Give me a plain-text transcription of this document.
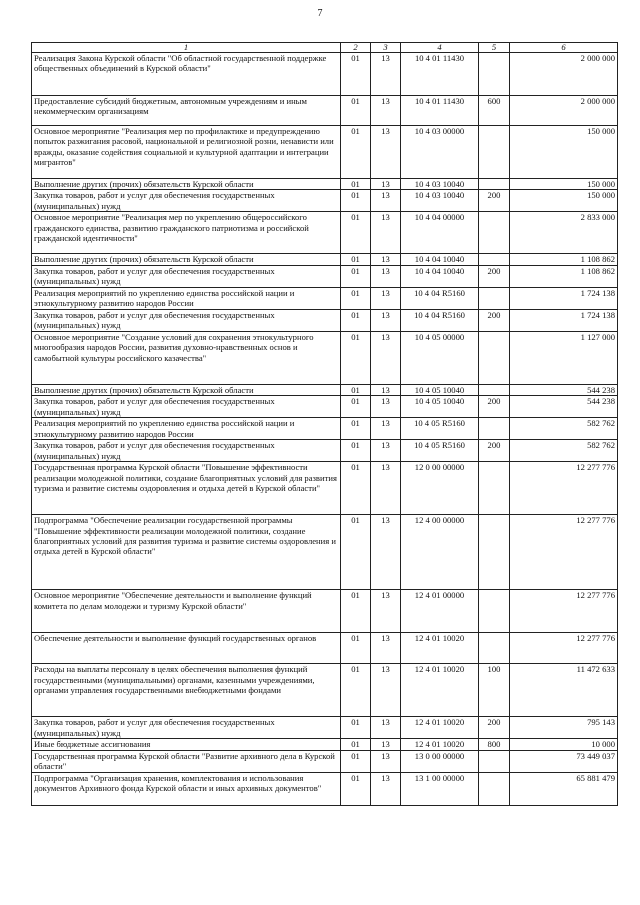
7
1	2	3	4	5	6
Реализация Закона Курской области "Об областной государственной поддержке общественных объединений в Курской области"	01	13	10 4 01 11430		2 000 000
Предоставление субсидий бюджетным, автономным учреждениям и иным некоммерческим организациям	01	13	10 4 01 11430	600	2 000 000
Основное мероприятие "Реализация мер по профилактике и предупреждению попыток разжигания расовой, национальной и религиозной розни, ненависти или вражды, оказание содействия социальной и культурной адаптации и интеграции мигрантов"	01	13	10 4 03 00000		150 000
Выполнение других (прочих) обязательств Курской области	01	13	10 4 03 10040		150 000
Закупка товаров, работ и услуг для обеспечения государственных (муниципальных) нужд	01	13	10 4 03 10040	200	150 000
Основное мероприятие "Реализация мер по укреплению общероссийского гражданского единства, развитию гражданского патриотизма и российской гражданской идентичности"	01	13	10 4 04 00000		2 833 000
Выполнение других (прочих) обязательств Курской области	01	13	10 4 04 10040		1 108 862
Закупка товаров, работ и услуг для обеспечения государственных (муниципальных) нужд	01	13	10 4 04 10040	200	1 108 862
Реализация мероприятий по укреплению единства российской нации и этнокультурному развитию народов России	01	13	10 4 04 R5160		1 724 138
Закупка товаров, работ и услуг для обеспечения государственных (муниципальных) нужд	01	13	10 4 04 R5160	200	1 724 138
Основное мероприятие "Создание условий для сохранения этнокультурного многообразия народов России, развития духовно-нравственных основ и самобытной культуры российского казачества"	01	13	10 4 05 00000		1 127 000
Выполнение других (прочих) обязательств Курской области	01	13	10 4 05 10040		544 238
Закупка товаров, работ и услуг для обеспечения государственных (муниципальных) нужд	01	13	10 4 05 10040	200	544 238
Реализация мероприятий по укреплению единства российской нации и этнокультурному развитию народов России	01	13	10 4 05 R5160		582 762
Закупка товаров, работ и услуг для обеспечения государственных (муниципальных) нужд	01	13	10 4 05 R5160	200	582 762
Государственная программа Курской области "Повышение эффективности реализации молодежной политики, создание благоприятных условий для развития туризма и развитие системы оздоровления и отдыха детей в Курской области"	01	13	12 0 00 00000		12 277 776
Подпрограмма "Обеспечение реализации государственной программы "Повышение эффективности реализации молодежной политики, создание благоприятных условий для развития туризма и развитие системы оздоровления и отдыха детей в Курской области"	01	13	12 4 00 00000		12 277 776
Основное мероприятие "Обеспечение деятельности и выполнение функций комитета по делам молодежи и туризму Курской области"	01	13	12 4 01 00000		12 277 776
Обеспечение деятельности и выполнение функций государственных органов	01	13	12 4 01 10020		12 277 776
Расходы на выплаты персоналу в целях обеспечения выполнения функций государственными (муниципальными) органами, казенными учреждениями, органами управления государственными внебюджетными фондами	01	13	12 4 01 10020	100	11 472 633
Закупка товаров, работ и услуг для обеспечения государственных (муниципальных) нужд	01	13	12 4 01 10020	200	795 143
Иные бюджетные ассигнования	01	13	12 4 01 10020	800	10 000
Государственная программа Курской области "Развитие архивного дела в Курской области"	01	13	13 0 00 00000		73 449 037
Подпрограмма "Организация хранения, комплектования и использования документов Архивного фонда Курской области и иных архивных документов"	01	13	13 1 00 00000		65 881 479
